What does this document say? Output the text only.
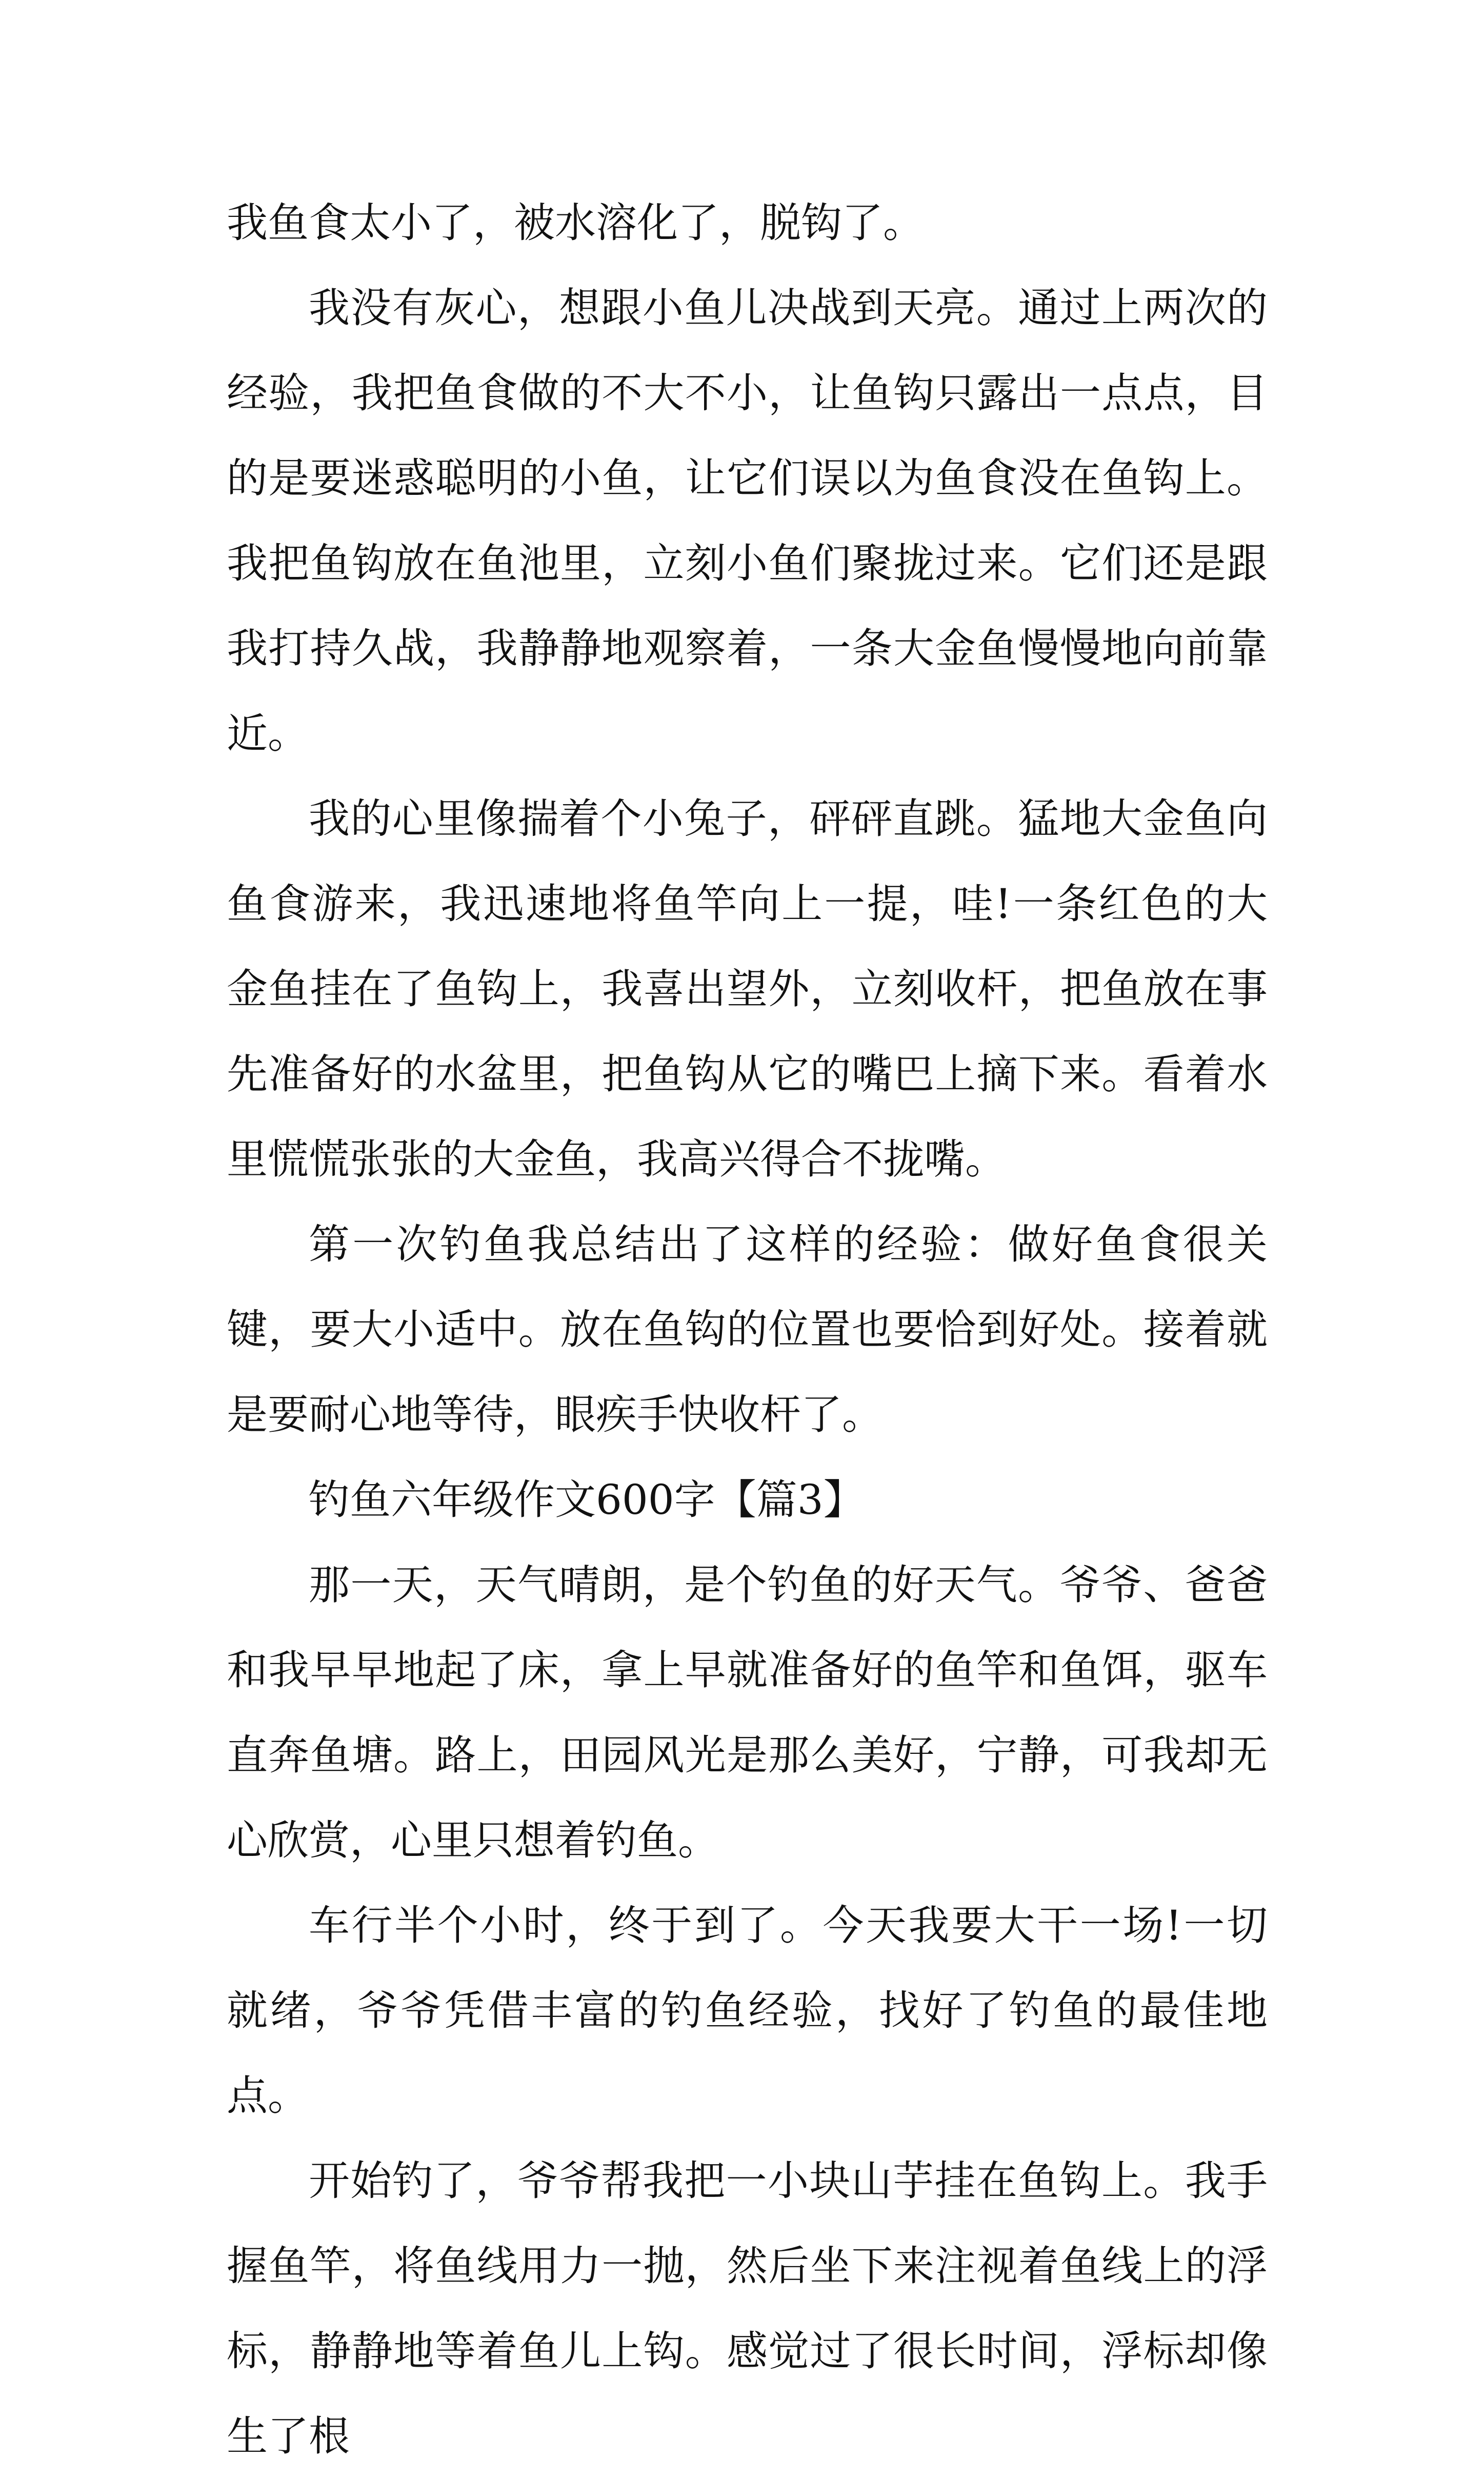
我鱼食太小了，被水溶化了，脱钩了。

我没有灰心，想跟小鱼儿决战到天亮。通过上两次的经验，我把鱼食做的不大不小，让鱼钩只露出一点点，目的是要迷惑聪明的小鱼，让它们误以为鱼食没在鱼钩上。我把鱼钩放在鱼池里，立刻小鱼们聚拢过来。它们还是跟我打持久战，我静静地观察着，一条大金鱼慢慢地向前靠近。

我的心里像揣着个小兔子，砰砰直跳。猛地大金鱼向鱼食游来，我迅速地将鱼竿向上一提，哇!一条红色的大金鱼挂在了鱼钩上，我喜出望外，立刻收杆，把鱼放在事先准备好的水盆里，把鱼钩从它的嘴巴上摘下来。看着水里慌慌张张的大金鱼，我高兴得合不拢嘴。

第一次钓鱼我总结出了这样的经验：做好鱼食很关键，要大小适中。放在鱼钩的位置也要恰到好处。接着就是要耐心地等待，眼疾手快收杆了。

钓鱼六年级作文600字【篇3】

那一天，天气晴朗，是个钓鱼的好天气。爷爷、爸爸和我早早地起了床，拿上早就准备好的鱼竿和鱼饵，驱车直奔鱼塘。路上，田园风光是那么美好，宁静，可我却无心欣赏，心里只想着钓鱼。

车行半个小时，终于到了。今天我要大干一场!一切就绪，爷爷凭借丰富的钓鱼经验，找好了钓鱼的最佳地点。

开始钓了，爷爷帮我把一小块山芋挂在鱼钩上。我手握鱼竿，将鱼线用力一抛，然后坐下来注视着鱼线上的浮标，静静地等着鱼儿上钩。感觉过了很长时间，浮标却像生了根
